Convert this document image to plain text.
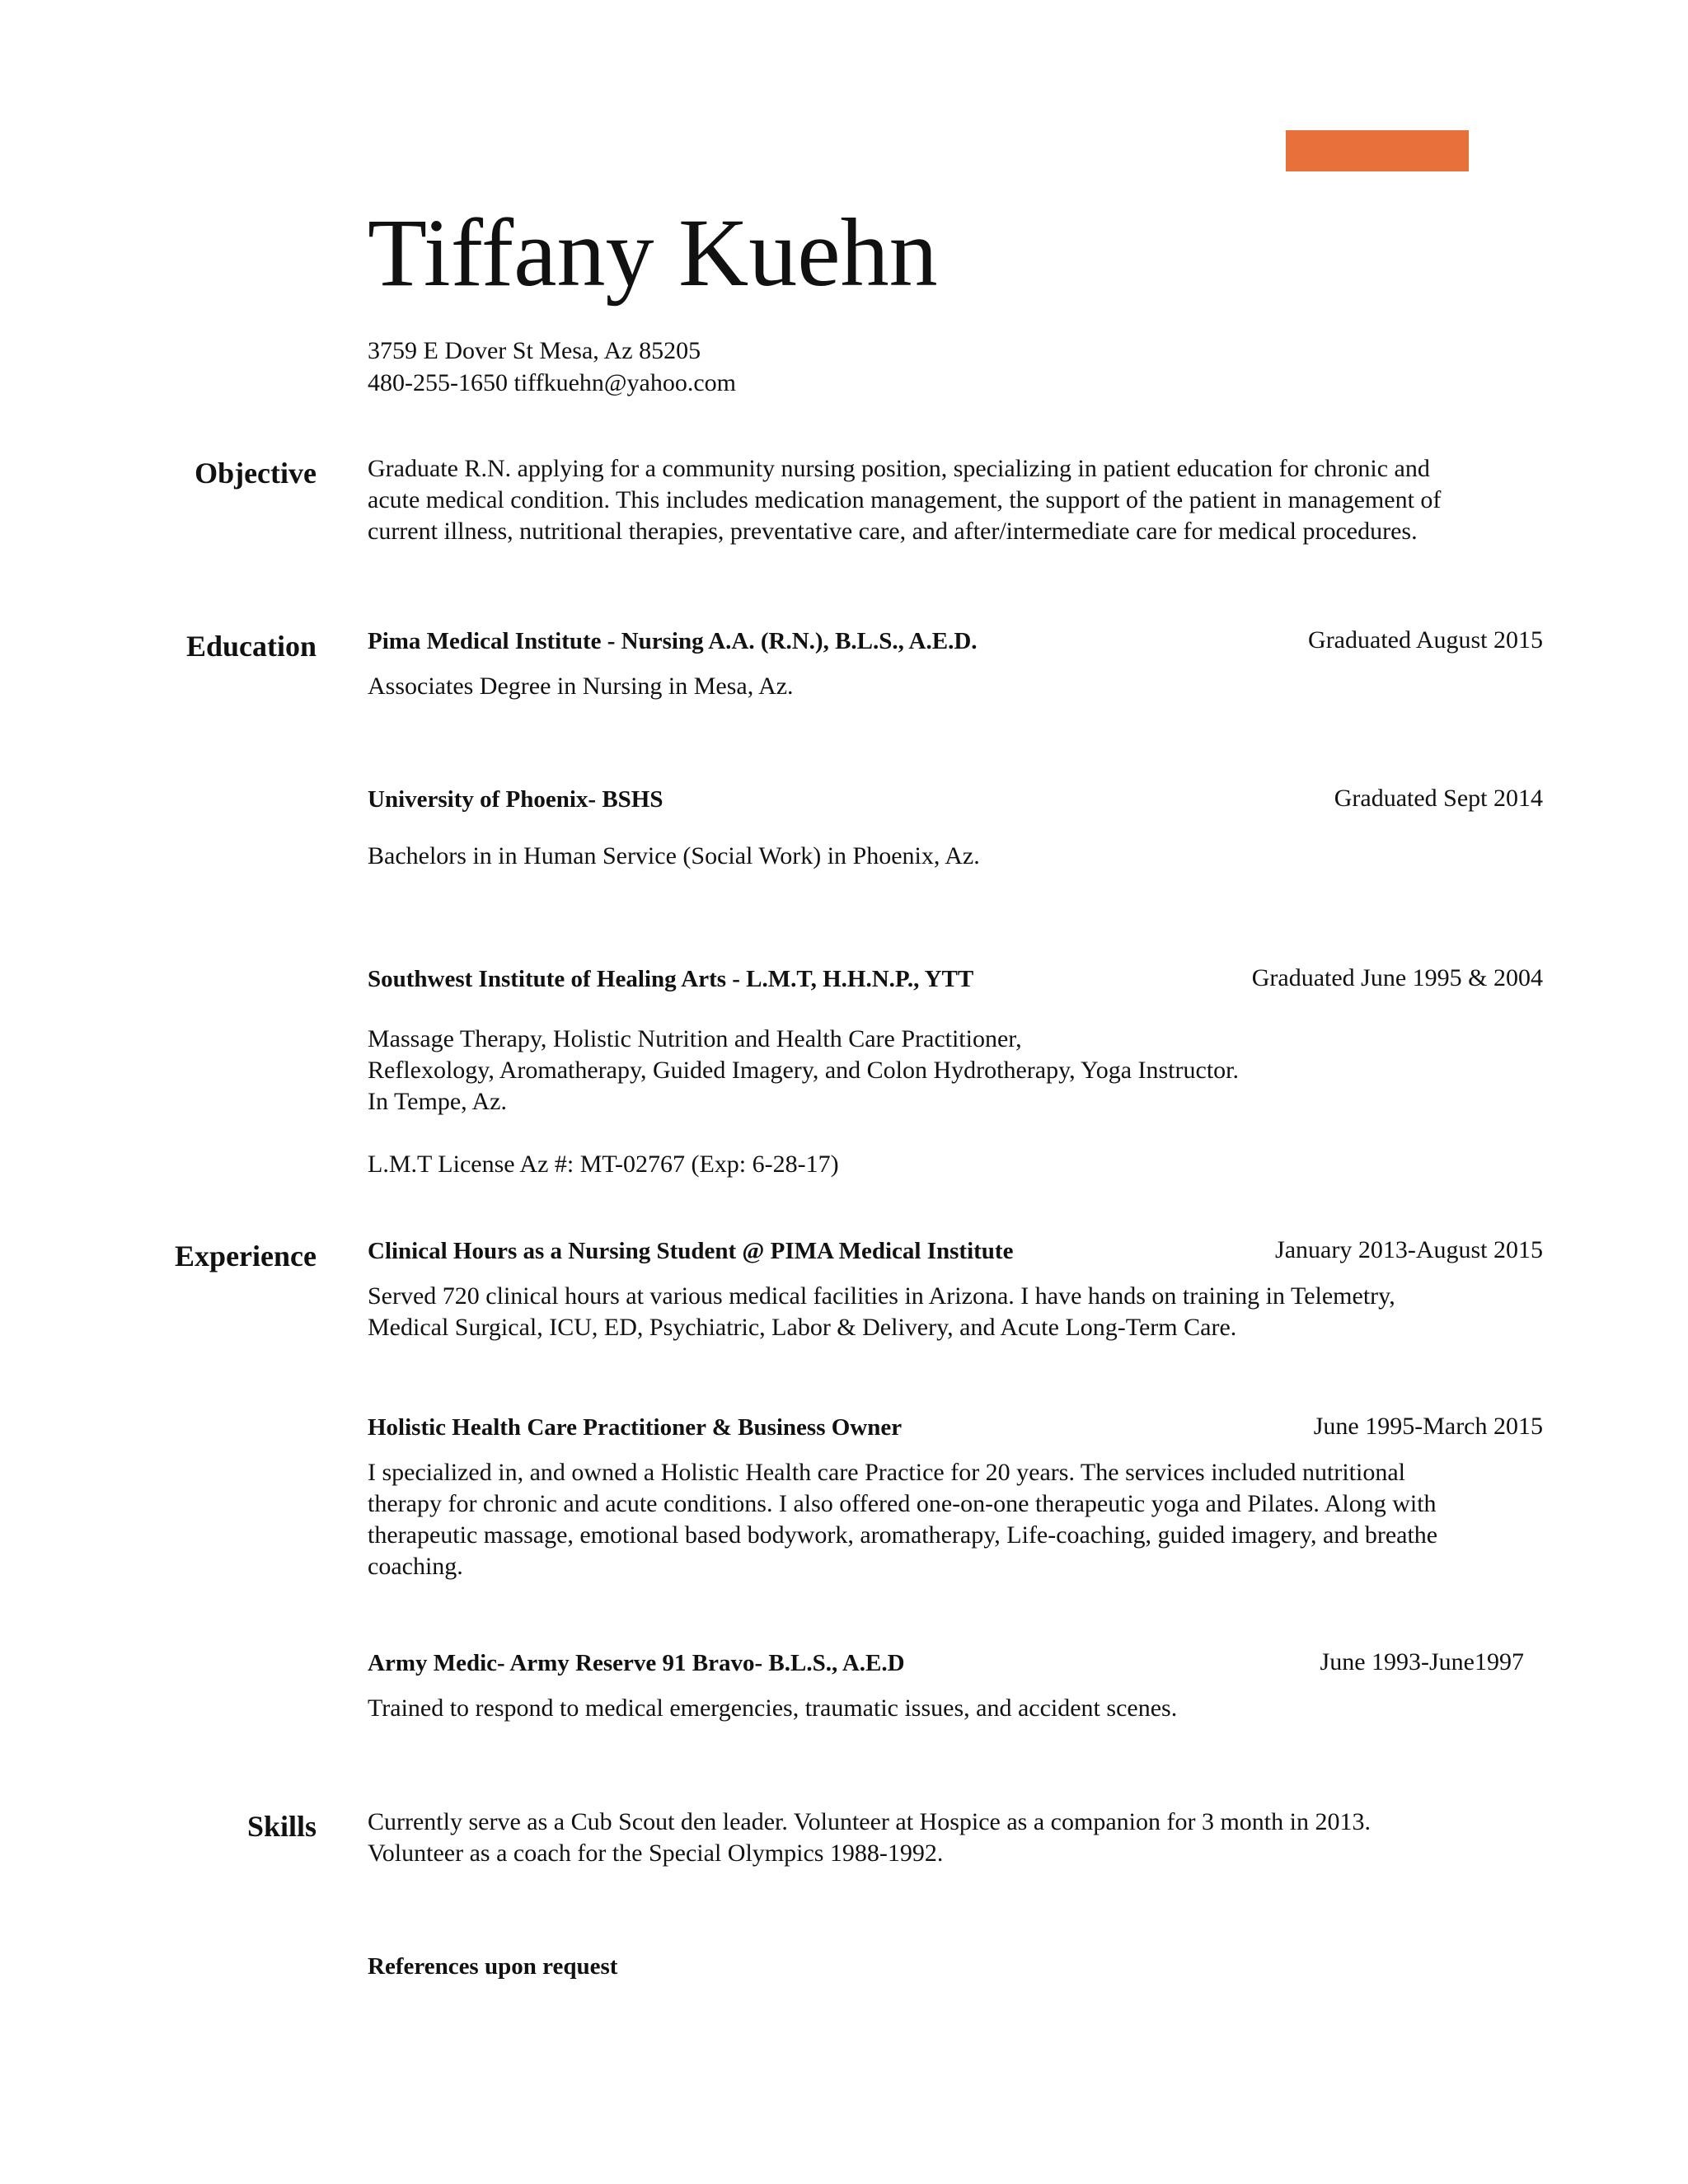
Tiffany Kuehn
3759 E Dover St Mesa, Az 85205
480-255-1650 tiffkuehn@yahoo.com
Objective Graduate R.N. applying for a community nursing position, specializing in patient education for chronic and
acute medical condition. This includes medication management, the support of the patient in management of
current illness, nutritional therapies, preventative care, and after/intermediate care for medical procedures.
Education Pima Medical Institute - Nursing A.A. (R.N.), B.L.S., A.E.D.	Graduated August 2015
Associates Degree in Nursing in Mesa, Az.
University of Phoenix- BSHS	Graduated Sept 2014
Bachelors in in Human Service (Social Work) in Phoenix, Az.
Southwest Institute of Healing Arts - L.M.T, H.H.N.P., YTT	Graduated June 1995 & 2004
Massage Therapy, Holistic Nutrition and Health Care Practitioner,
Reflexology, Aromatherapy, Guided Imagery, and Colon Hydrotherapy, Yoga Instructor.
In Tempe, Az.
L.M.T License Az #: MT-02767 (Exp: 6-28-17)
Experience Clinical Hours as a Nursing Student @ PIMA Medical Institute	January 2013-August 2015
Served 720 clinical hours at various medical facilities in Arizona. I have hands on training in Telemetry,
Medical Surgical, ICU, ED, Psychiatric, Labor & Delivery, and Acute Long-Term Care.
Holistic Health Care Practitioner & Business Owner	June 1995-March 2015
I specialized in, and owned a Holistic Health care Practice for 20 years. The services included nutritional
therapy for chronic and acute conditions. I also offered one-on-one therapeutic yoga and Pilates. Along with
therapeutic massage, emotional based bodywork, aromatherapy, Life-coaching, guided imagery, and breathe
coaching.
Army Medic- Army Reserve 91 Bravo- B.L.S., A.E.D	June 1993-June1997
Trained to respond to medical emergencies, traumatic issues, and accident scenes.
Skills Currently serve as a Cub Scout den leader. Volunteer at Hospice as a companion for 3 month in 2013.
Volunteer as a coach for the Special Olympics 1988-1992.
References upon request
